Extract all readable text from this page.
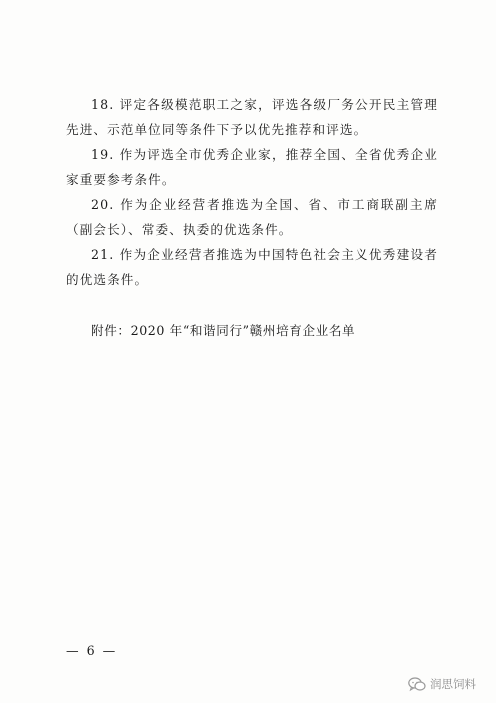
18. 评定各级模范职工之家，评选各级厂务公开民主管理先进、示范单位同等条件下予以优先推荐和评选。

19. 作为评选全市优秀企业家，推荐全国、全省优秀企业家重要参考条件。

20. 作为企业经营者推选为全国、省、市工商联副主席（副会长）、常委、执委的优选条件。

21. 作为企业经营者推选为中国特色社会主义优秀建设者的优选条件。

附件：2020 年“和谐同行”赣州培育企业名单
— 6 —
润思饲料
